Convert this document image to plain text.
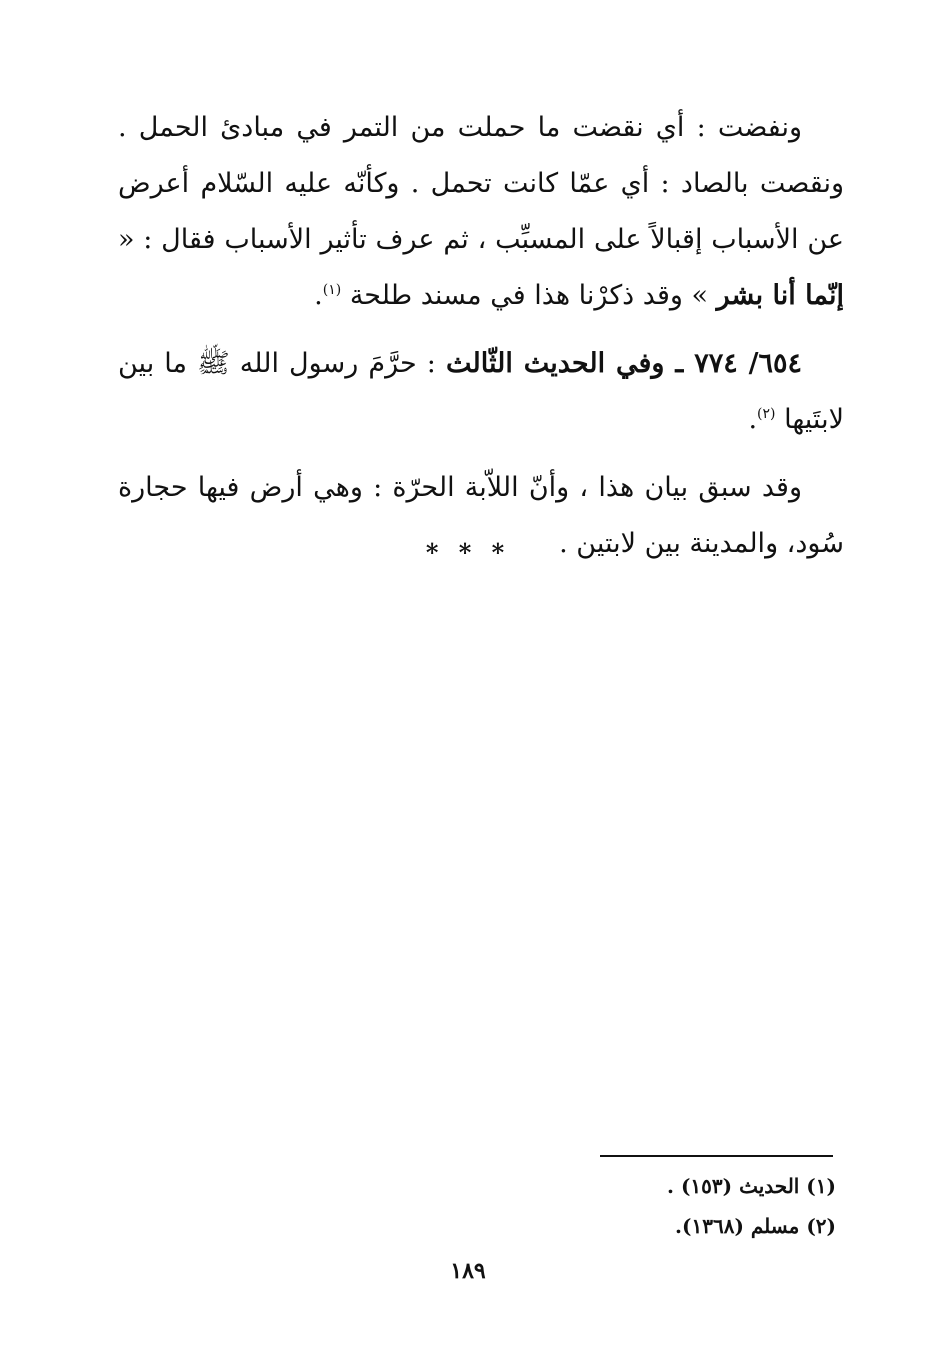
ونفضت : أي نقضت ما حملت من التمر في مبادئ الحمل . ونقصت بالصاد : أي عمّا كانت تحمل . وكأنّه عليه السّلام أعرض عن الأسباب إقبالاً على المسبِّب ، ثم عرف تأثير الأسباب فقال : « إنّما أنا بشر » وقد ذكرْنا هذا في مسند طلحة $^{(١)}$.

٦٥٤/ ٧٧٤ ـ وفي الحديث الثّالث : حرَّمَ رسول الله ﷺ ما بين لابتَيها $^{(٢)}$.

وقد سبق بيان هذا ، وأنّ اللاّبة الحرّة : وهي أرض فيها حجارة سُود، والمدينة بين لابتين .

* * *
(١) الحديث (١٥٣) .
(٢) مسلم (١٣٦٨).
١٨٩
